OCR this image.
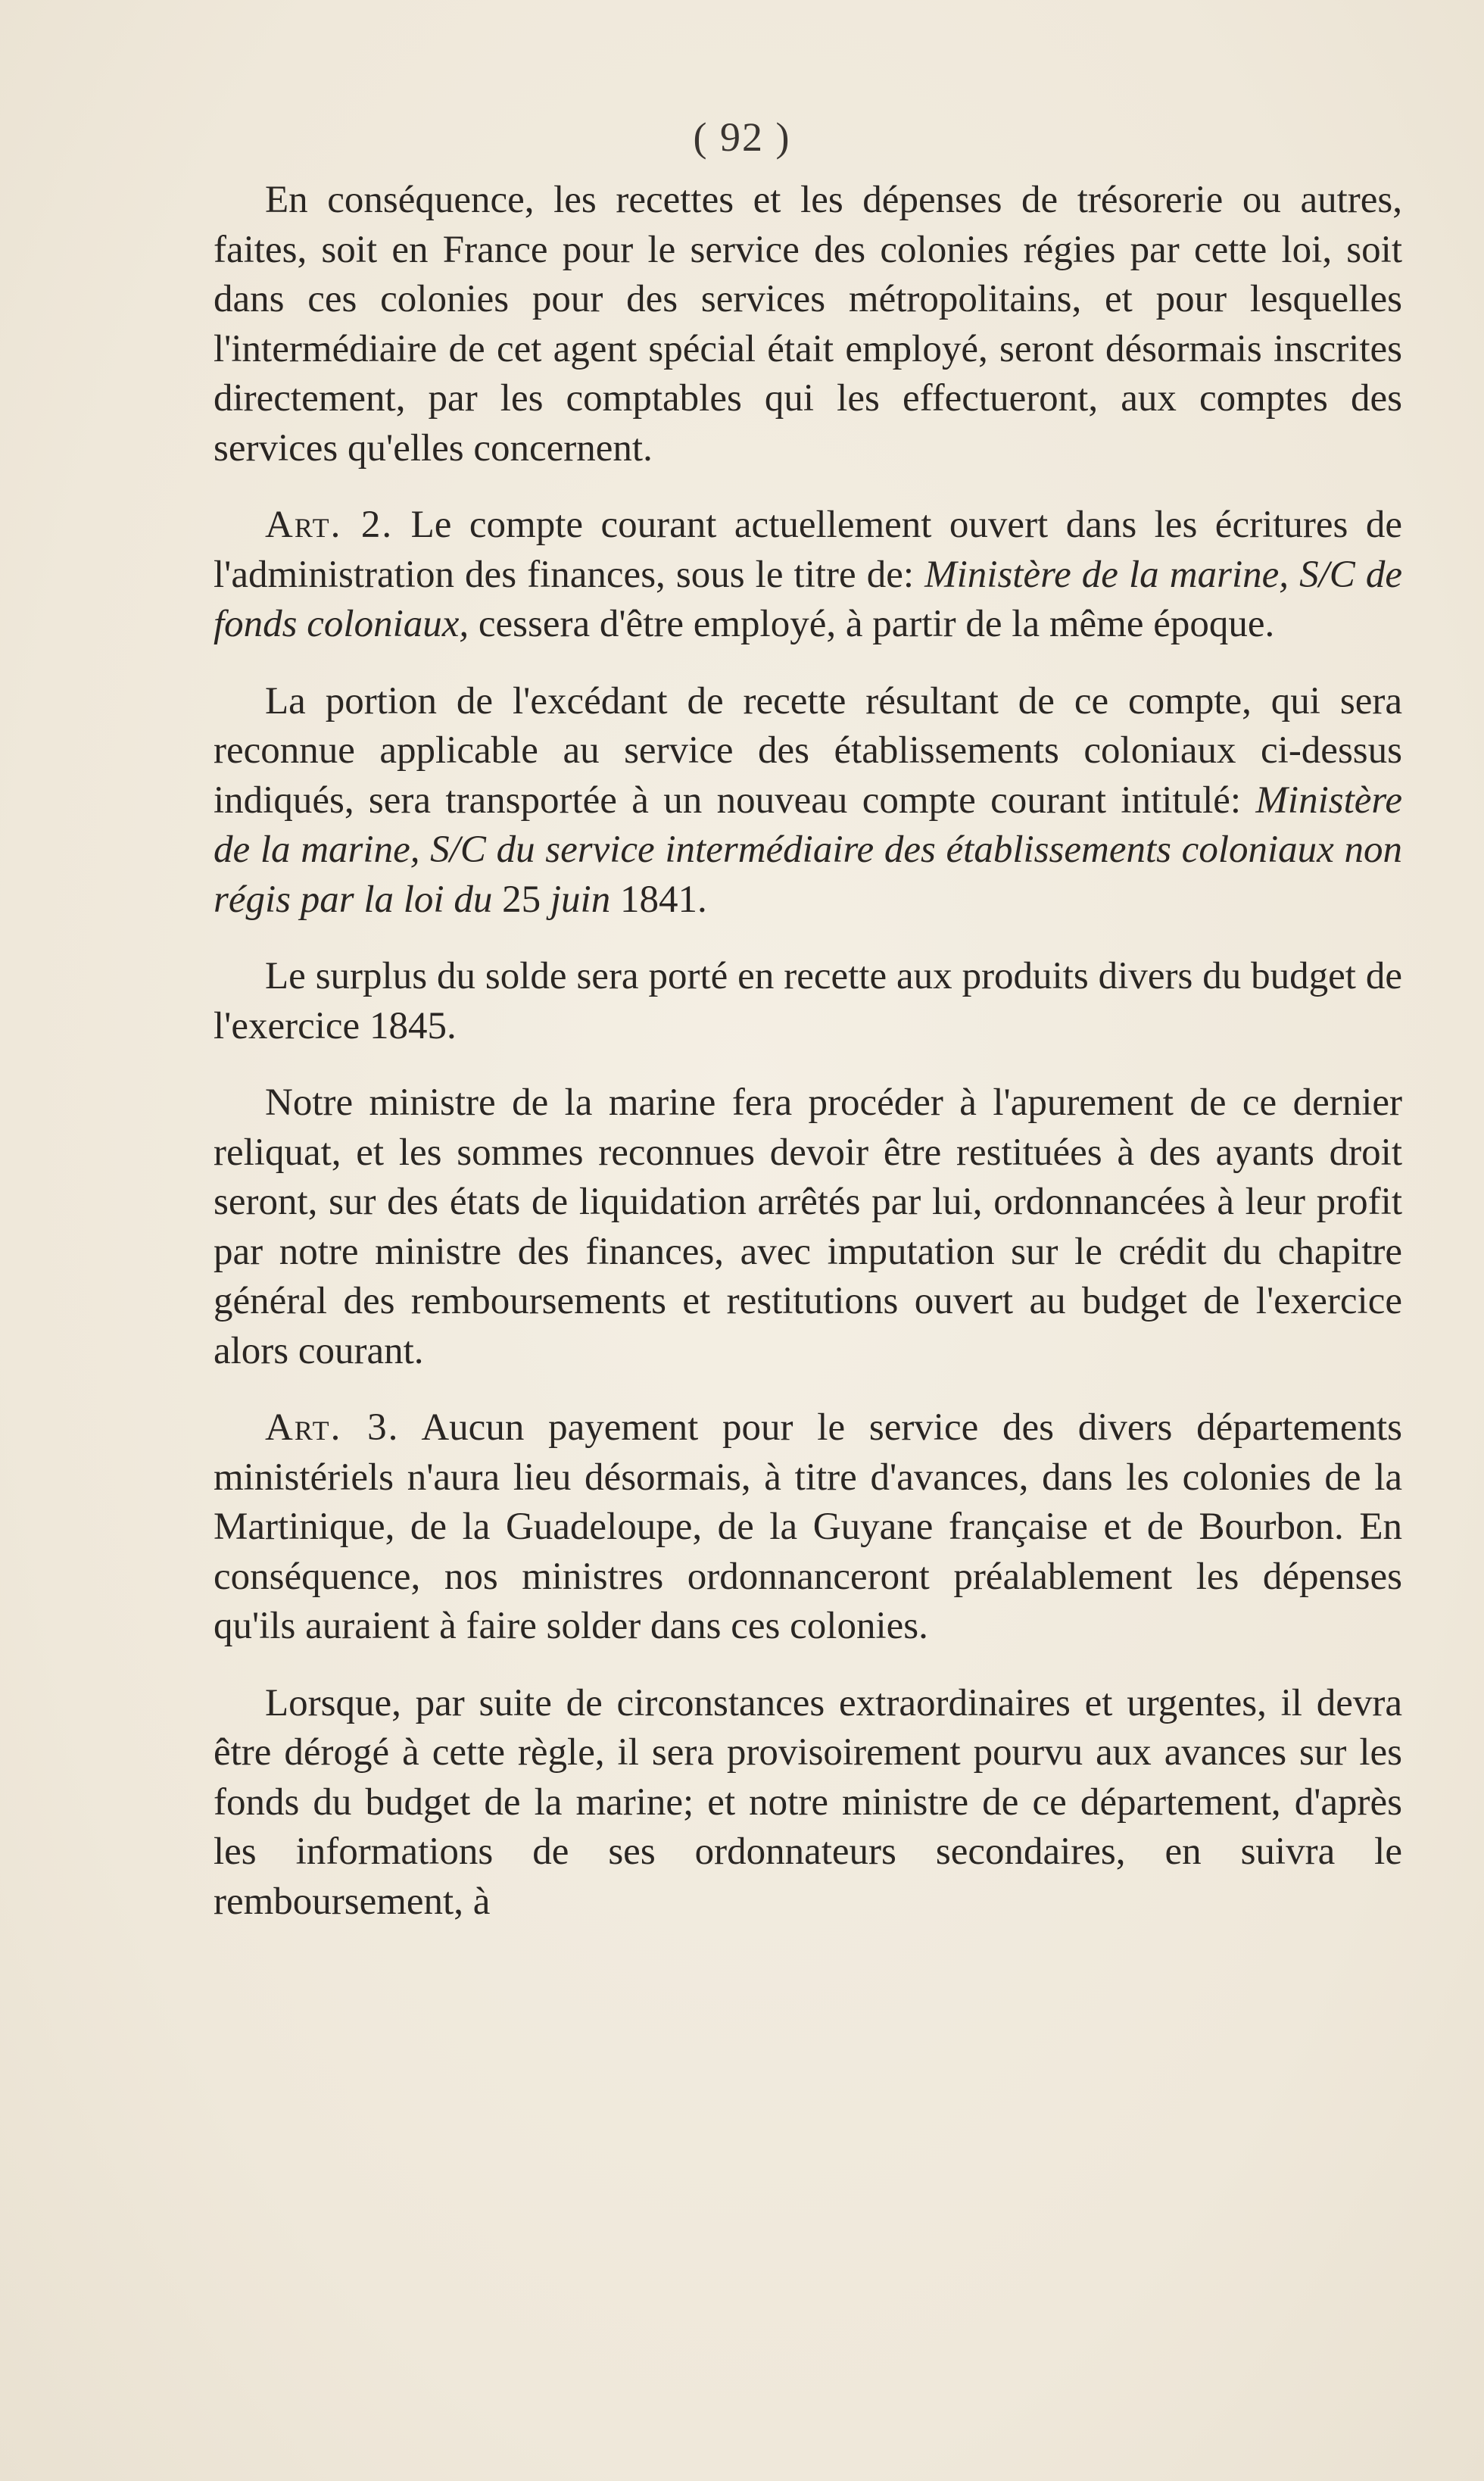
( 92 )

En conséquence, les recettes et les dépenses de trésorerie ou autres, faites, soit en France pour le service des colonies régies par cette loi, soit dans ces colonies pour des services métropolitains, et pour lesquelles l'intermédiaire de cet agent spécial était employé, seront désormais inscrites directement, par les comptables qui les effectueront, aux comptes des services qu'elles concernent.

Art. 2. Le compte courant actuellement ouvert dans les écritures de l'administration des finances, sous le titre de: Ministère de la marine, S/C de fonds coloniaux, cessera d'être employé, à partir de la même époque.

La portion de l'excédant de recette résultant de ce compte, qui sera reconnue applicable au service des établissements coloniaux ci-dessus indiqués, sera transportée à un nouveau compte courant intitulé: Ministère de la marine, S/C du service intermédiaire des établissements coloniaux non régis par la loi du 25 juin 1841.

Le surplus du solde sera porté en recette aux produits divers du budget de l'exercice 1845.

Notre ministre de la marine fera procéder à l'apurement de ce dernier reliquat, et les sommes reconnues devoir être restituées à des ayants droit seront, sur des états de liquidation arrêtés par lui, ordonnancées à leur profit par notre ministre des finances, avec imputation sur le crédit du chapitre général des remboursements et restitutions ouvert au budget de l'exercice alors courant.

Art. 3. Aucun payement pour le service des divers départements ministériels n'aura lieu désormais, à titre d'avances, dans les colonies de la Martinique, de la Guadeloupe, de la Guyane française et de Bourbon. En conséquence, nos ministres ordonnanceront préalablement les dépenses qu'ils auraient à faire solder dans ces colonies.

Lorsque, par suite de circonstances extraordinaires et urgentes, il devra être dérogé à cette règle, il sera provisoirement pourvu aux avances sur les fonds du budget de la marine; et notre ministre de ce département, d'après les informations de ses ordonnateurs secondaires, en suivra le remboursement, à
